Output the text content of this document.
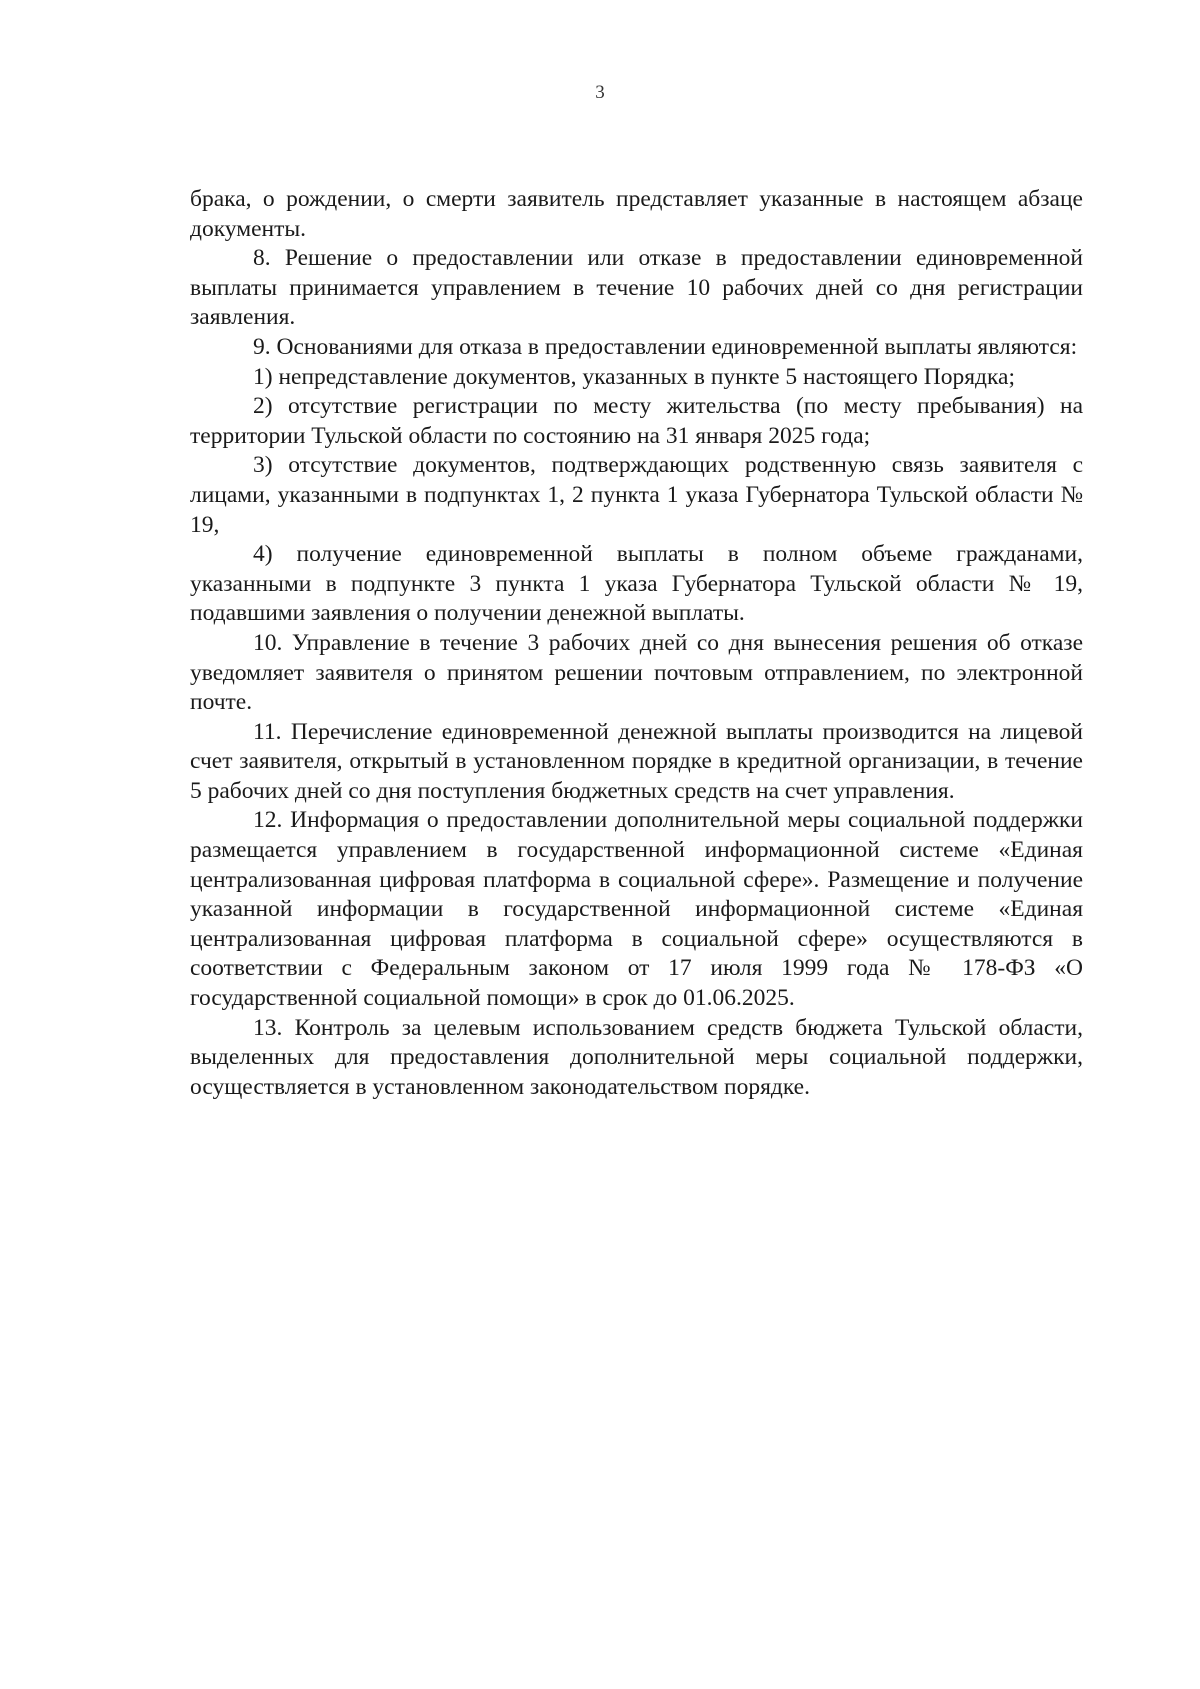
3

брака, о рождении, о смерти заявитель представляет указанные в настоящем абзаце документы.

8. Решение о предоставлении или отказе в предоставлении единовременной выплаты принимается управлением в течение 10 рабочих дней со дня регистрации заявления.

9. Основаниями для отказа в предоставлении единовременной выплаты являются:

1) непредставление документов, указанных в пункте 5 настоящего Порядка;

2) отсутствие регистрации по месту жительства (по месту пребывания) на территории Тульской области по состоянию на 31 января 2025 года;

3) отсутствие документов, подтверждающих родственную связь заявителя с лицами, указанными в подпунктах 1, 2 пункта 1 указа Губернатора Тульской области № 19,

4) получение единовременной выплаты в полном объеме гражданами, указанными в подпункте 3 пункта 1 указа Губернатора Тульской области № 19, подавшими заявления о получении денежной выплаты.

10. Управление в течение 3 рабочих дней со дня вынесения решения об отказе уведомляет заявителя о принятом решении почтовым отправлением, по электронной почте.

11. Перечисление единовременной денежной выплаты производится на лицевой счет заявителя, открытый в установленном порядке в кредитной организации, в течение 5 рабочих дней со дня поступления бюджетных средств на счет управления.

12. Информация о предоставлении дополнительной меры социальной поддержки размещается управлением в государственной информационной системе «Единая централизованная цифровая платформа в социальной сфере». Размещение и получение указанной информации в государственной информационной системе «Единая централизованная цифровая платформа в социальной сфере» осуществляются в соответствии с Федеральным законом от 17 июля 1999 года № 178-ФЗ «О государственной социальной помощи» в срок до 01.06.2025.

13. Контроль за целевым использованием средств бюджета Тульской области, выделенных для предоставления дополнительной меры социальной поддержки, осуществляется в установленном законодательством порядке.
